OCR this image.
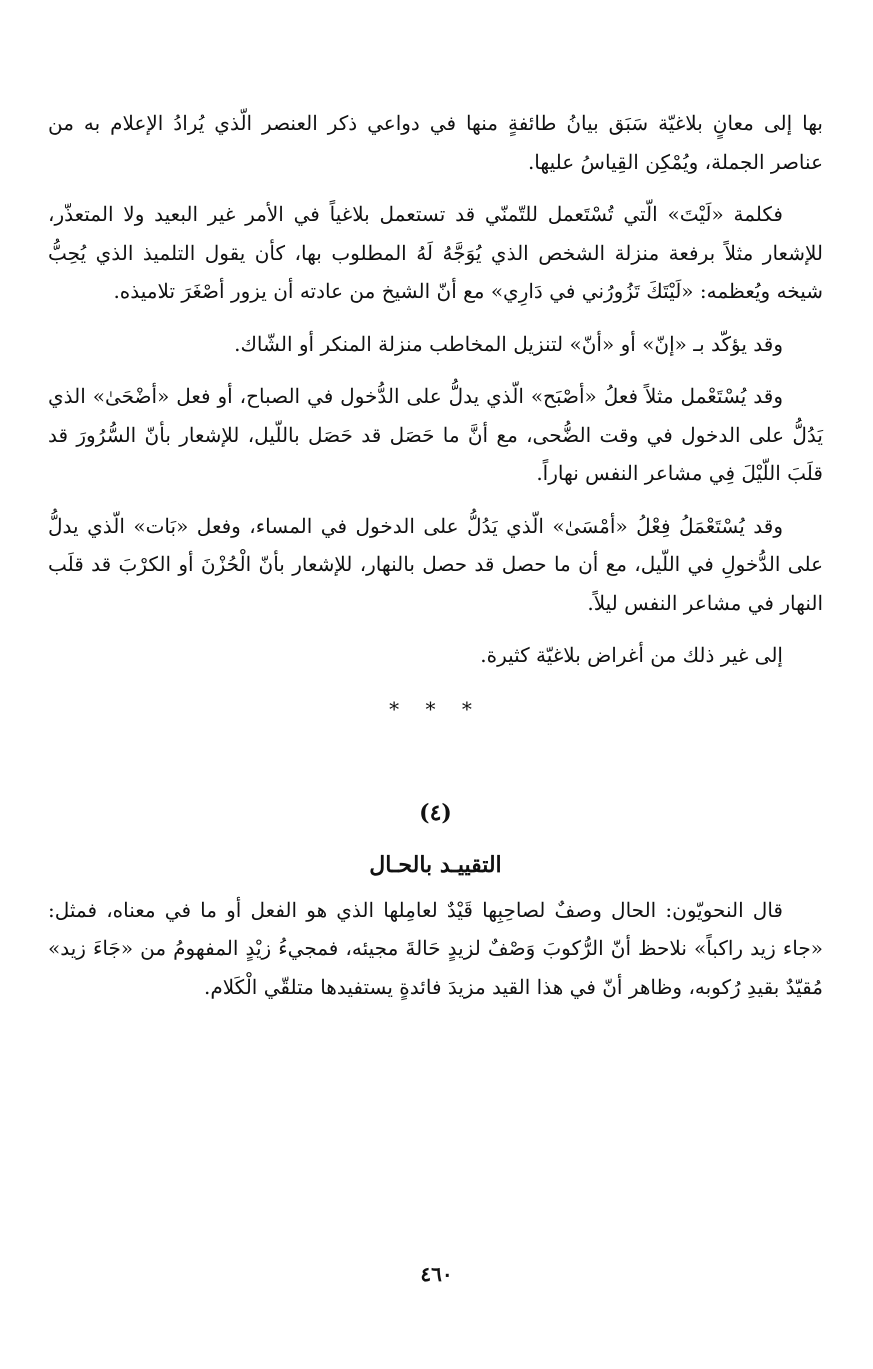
بها إلى معانٍ بلاغيّة سَبَق بيانُ طائفةٍ منها في دواعي ذكر العنصر الّذي يُرادُ الإعلام به من عناصر الجملة، ويُمْكِن القِياسُ عليها.

فكلمة «لَيْتَ» الّتي تُسْتَعمل للتّمنّي قد تستعمل بلاغياً في الأمر غير البعيد ولا المتعذّر، للإشعار مثلاً برفعة منزلة الشخص الذي يُوَجَّهُ لَهُ المطلوب بها، كأن يقول التلميذ الذي يُحِبُّ شيخه ويُعظمه: «لَيْتَكَ تَزُورُني في دَارِي» مع أنّ الشيخ من عادته أن يزور أصْغَرَ تلاميذه.

وقد يؤكّد بـ «إنّ» أو «أنّ» لتنزيل المخاطب منزلة المنكر أو الشّاك.

وقد يُسْتَعْمل مثلاً فعلُ «أصْبَح» الّذي يدلُّ على الدُّخول في الصباح، أو فعل «أضْحَىٰ» الذي يَدُلُّ على الدخول في وقت الضُّحى، مع أنَّ ما حَصَل قد حَصَل باللّيل، للإشعار بأنّ السُّرُورَ قد قلَبَ اللّيْلَ فِي مشاعر النفس نهاراً.

وقد يُسْتَعْمَلُ فِعْلُ «أمْسَىٰ» الّذي يَدُلُّ على الدخول في المساء، وفعل «بَات» الّذي يدلُّ على الدُّخولِ في اللّيل، مع أن ما حصل قد حصل بالنهار، للإشعار بأنّ الْحُزْنَ أو الكرْبَ قد قلَب النهار في مشاعر النفس ليلاً.

إلى غير ذلك من أغراض بلاغيّة كثيرة.

* * *
(٤)
التقييـد بالحـال

قال النحويّون: الحال وصفٌ لصاحِبِها قَيْدٌ لعامِلها الذي هو الفعل أو ما في معناه، فمثل: «جاء زيد راكباً» نلاحظ أنّ الرُّكوبَ وَصْفٌ لزيدٍ حَالةَ مجيئه، فمجيءُ زيْدٍ المفهومُ من «جَاءَ زيد» مُقيّدٌ بقيدِ رُكوبه، وظاهر أنّ في هذا القيد مزيدَ فائدةٍ يستفيدها متلقّي الْكَلام.

٤٦٠
